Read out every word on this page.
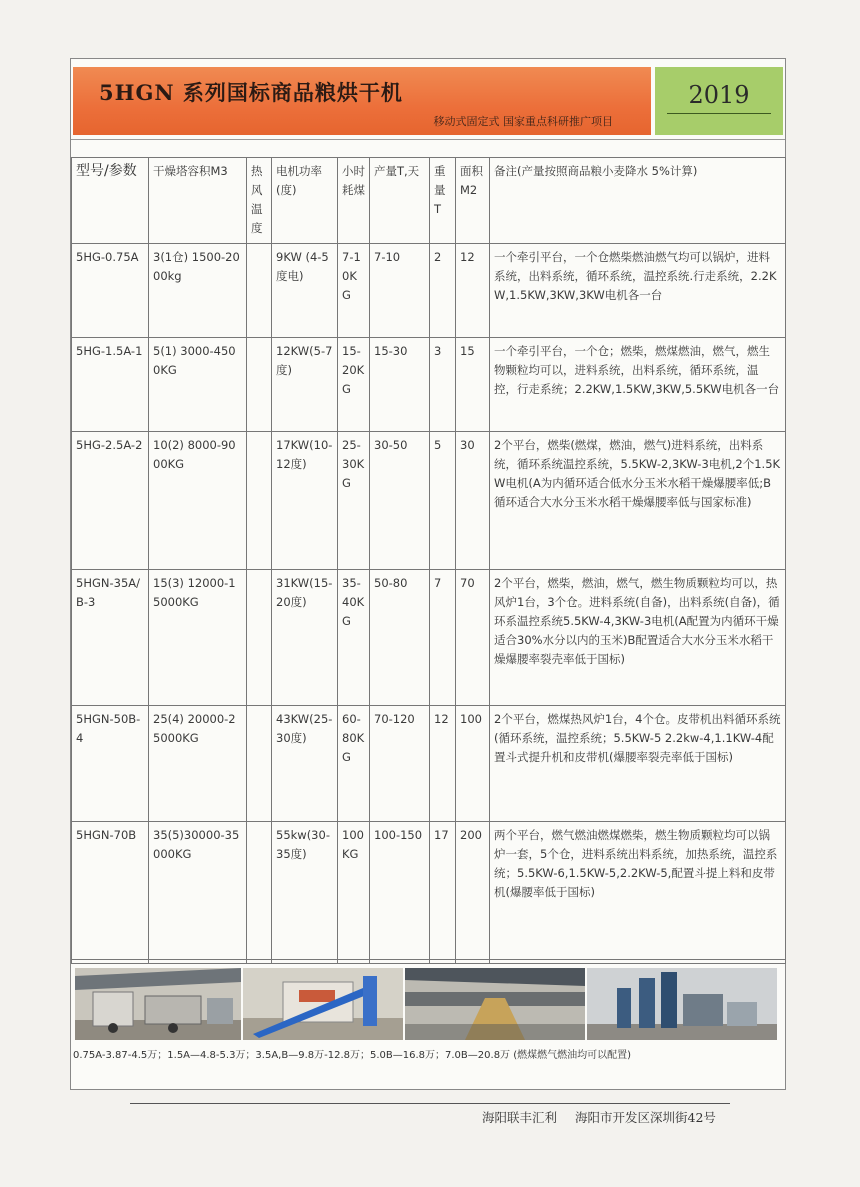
5HGN 系列国标商品粮烘干机
移动式固定式 国家重点科研推广项目
2019
型号/参数	干燥塔容积M3	热风温度	电机功率(度)	小时耗煤	产量T,天	重量T	面积M2	备注(产量按照商品粮小麦降水 5%计算)
5HG-0.75A	3(1仓) 1500-2000kg		9KW (4-5度电)	7-10KG	7-10	2	12	一个牵引平台，一个仓燃柴燃油燃气均可以锅炉，进料系统，出料系统，循环系统，温控系统.行走系统，2.2KW,1.5KW,3KW,3KW电机各一台
5HG-1.5A-1	5(1) 3000-4500KG		12KW(5-7度)	15-20KG	15-30	3	15	一个牵引平台，一个仓；燃柴，燃煤燃油，燃气，燃生物颗粒均可以，进料系统，出料系统，循环系统，温控，行走系统；2.2KW,1.5KW,3KW,5.5KW电机各一台
5HG-2.5A-2	10(2) 8000-9000KG		17KW(10-12度)	25-30KG	30-50	5	30	2个平台，燃柴(燃煤，燃油，燃气)进料系统，出料系统，循环系统温控系统，5.5KW-2,3KW-3电机,2个1.5KW电机(A为内循环适合低水分玉米水稻干燥爆腰率低;B循环适合大水分玉米水稻干燥爆腰率低与国家标准)
5HGN-35A/B-3	15(3) 12000-15000KG		31KW(15-20度)	35-40KG	50-80	7	70	2个平台，燃柴，燃油，燃气，燃生物质颗粒均可以，热风炉1台，3个仓。进料系统(自备)，出料系统(自备)，循环系温控系统5.5KW-4,3KW-3电机(A配置为内循环干燥适合30%水分以内的玉米)B配置适合大水分玉米水稻干燥爆腰率裂壳率低于国标)
5HGN-50B-4	25(4) 20000-25000KG		43KW(25-30度)	60-80KG	70-120	12	100	2个平台，燃煤热风炉1台，4个仓。皮带机出料循环系统(循环系统，温控系统；5.5KW-5 2.2kw-4,1.1KW-4配置斗式提升机和皮带机(爆腰率裂壳率低于国标)
5HGN-70B	35(5)30000-35000KG		55kw(30-35度)	100KG	100-150	17	200	两个平台，燃气燃油燃煤燃柴，燃生物质颗粒均可以锅炉一套，5个仓，进料系统出料系统，加热系统，温控系统；5.5KW-6,1.5KW-5,2.2KW-5,配置斗提上料和皮带机(爆腰率低于国标)
0.75A-3.87-4.5万；1.5A—4.8-5.3万；3.5A,B—9.8万-12.8万；5.0B—16.8万；7.0B—20.8万 (燃煤燃气燃油均可以配置)
海阳联丰汇利 海阳市开发区深圳街42号
